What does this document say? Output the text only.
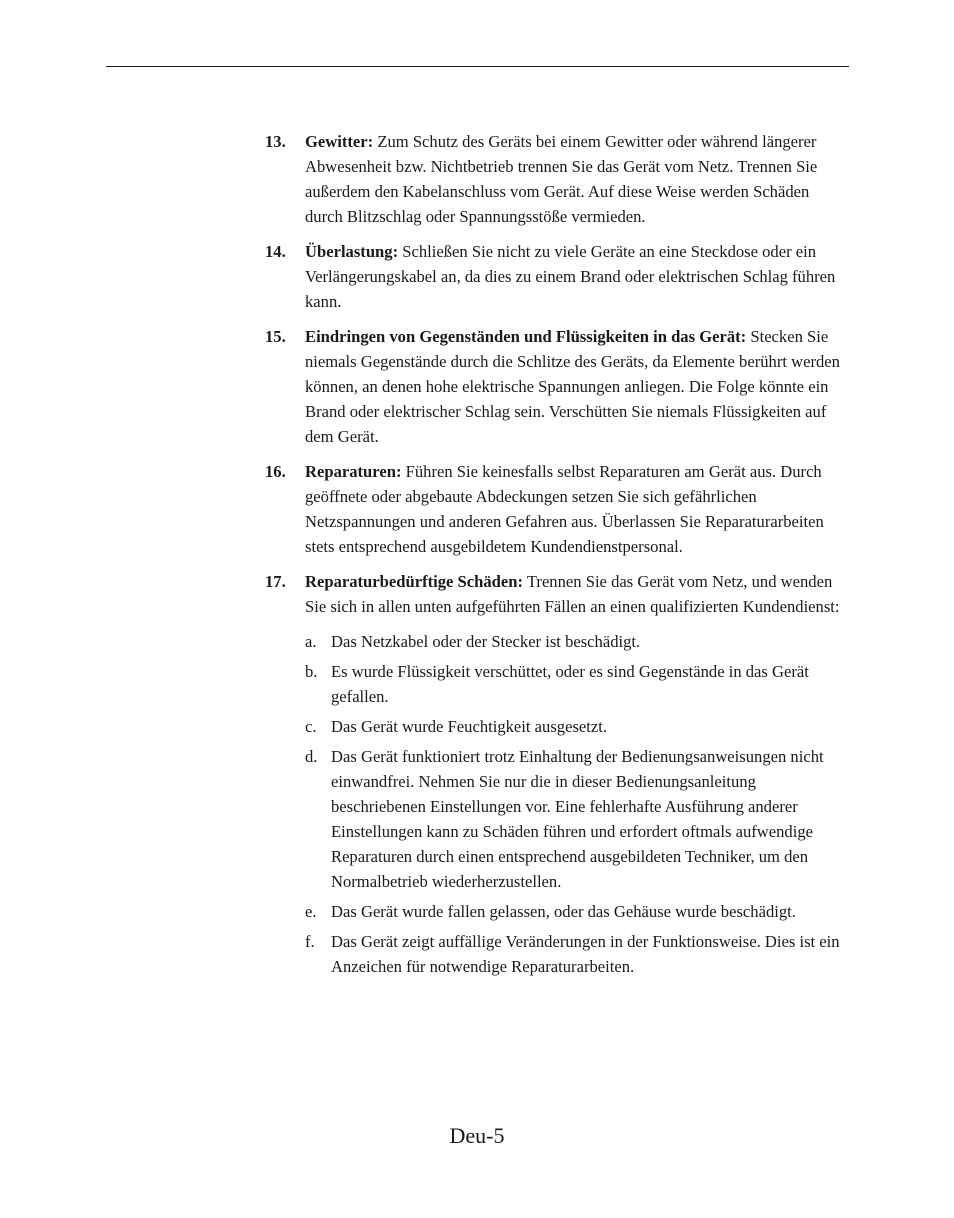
13. Gewitter: Zum Schutz des Geräts bei einem Gewitter oder während längerer Abwesenheit bzw. Nichtbetrieb trennen Sie das Gerät vom Netz. Trennen Sie außerdem den Kabelanschluss vom Gerät. Auf diese Weise werden Schäden durch Blitzschlag oder Spannungsstöße vermieden.
14. Überlastung: Schließen Sie nicht zu viele Geräte an eine Steckdose oder ein Verlängerungskabel an, da dies zu einem Brand oder elektrischen Schlag führen kann.
15. Eindringen von Gegenständen und Flüssigkeiten in das Gerät: Stecken Sie niemals Gegenstände durch die Schlitze des Geräts, da Elemente berührt werden können, an denen hohe elektrische Spannungen anliegen. Die Folge könnte ein Brand oder elektrischer Schlag sein. Verschütten Sie niemals Flüssigkeiten auf dem Gerät.
16. Reparaturen: Führen Sie keinesfalls selbst Reparaturen am Gerät aus. Durch geöffnete oder abgebaute Abdeckungen setzen Sie sich gefährlichen Netzspannungen und anderen Gefahren aus. Überlassen Sie Reparaturarbeiten stets entsprechend ausgebildetem Kundendienstpersonal.
17. Reparaturbedürftige Schäden: Trennen Sie das Gerät vom Netz, und wenden Sie sich in allen unten aufgeführten Fällen an einen qualifizierten Kundendienst:
a. Das Netzkabel oder der Stecker ist beschädigt.
b. Es wurde Flüssigkeit verschüttet, oder es sind Gegenstände in das Gerät gefallen.
c. Das Gerät wurde Feuchtigkeit ausgesetzt.
d. Das Gerät funktioniert trotz Einhaltung der Bedienungsanweisungen nicht einwandfrei. Nehmen Sie nur die in dieser Bedienungsanleitung beschriebenen Einstellungen vor. Eine fehlerhafte Ausführung anderer Einstellungen kann zu Schäden führen und erfordert oftmals aufwendige Reparaturen durch einen entsprechend ausgebildeten Techniker, um den Normalbetrieb wiederherzustellen.
e. Das Gerät wurde fallen gelassen, oder das Gehäuse wurde beschädigt.
f. Das Gerät zeigt auffällige Veränderungen in der Funktionsweise. Dies ist ein Anzeichen für notwendige Reparaturarbeiten.
Deu-5
